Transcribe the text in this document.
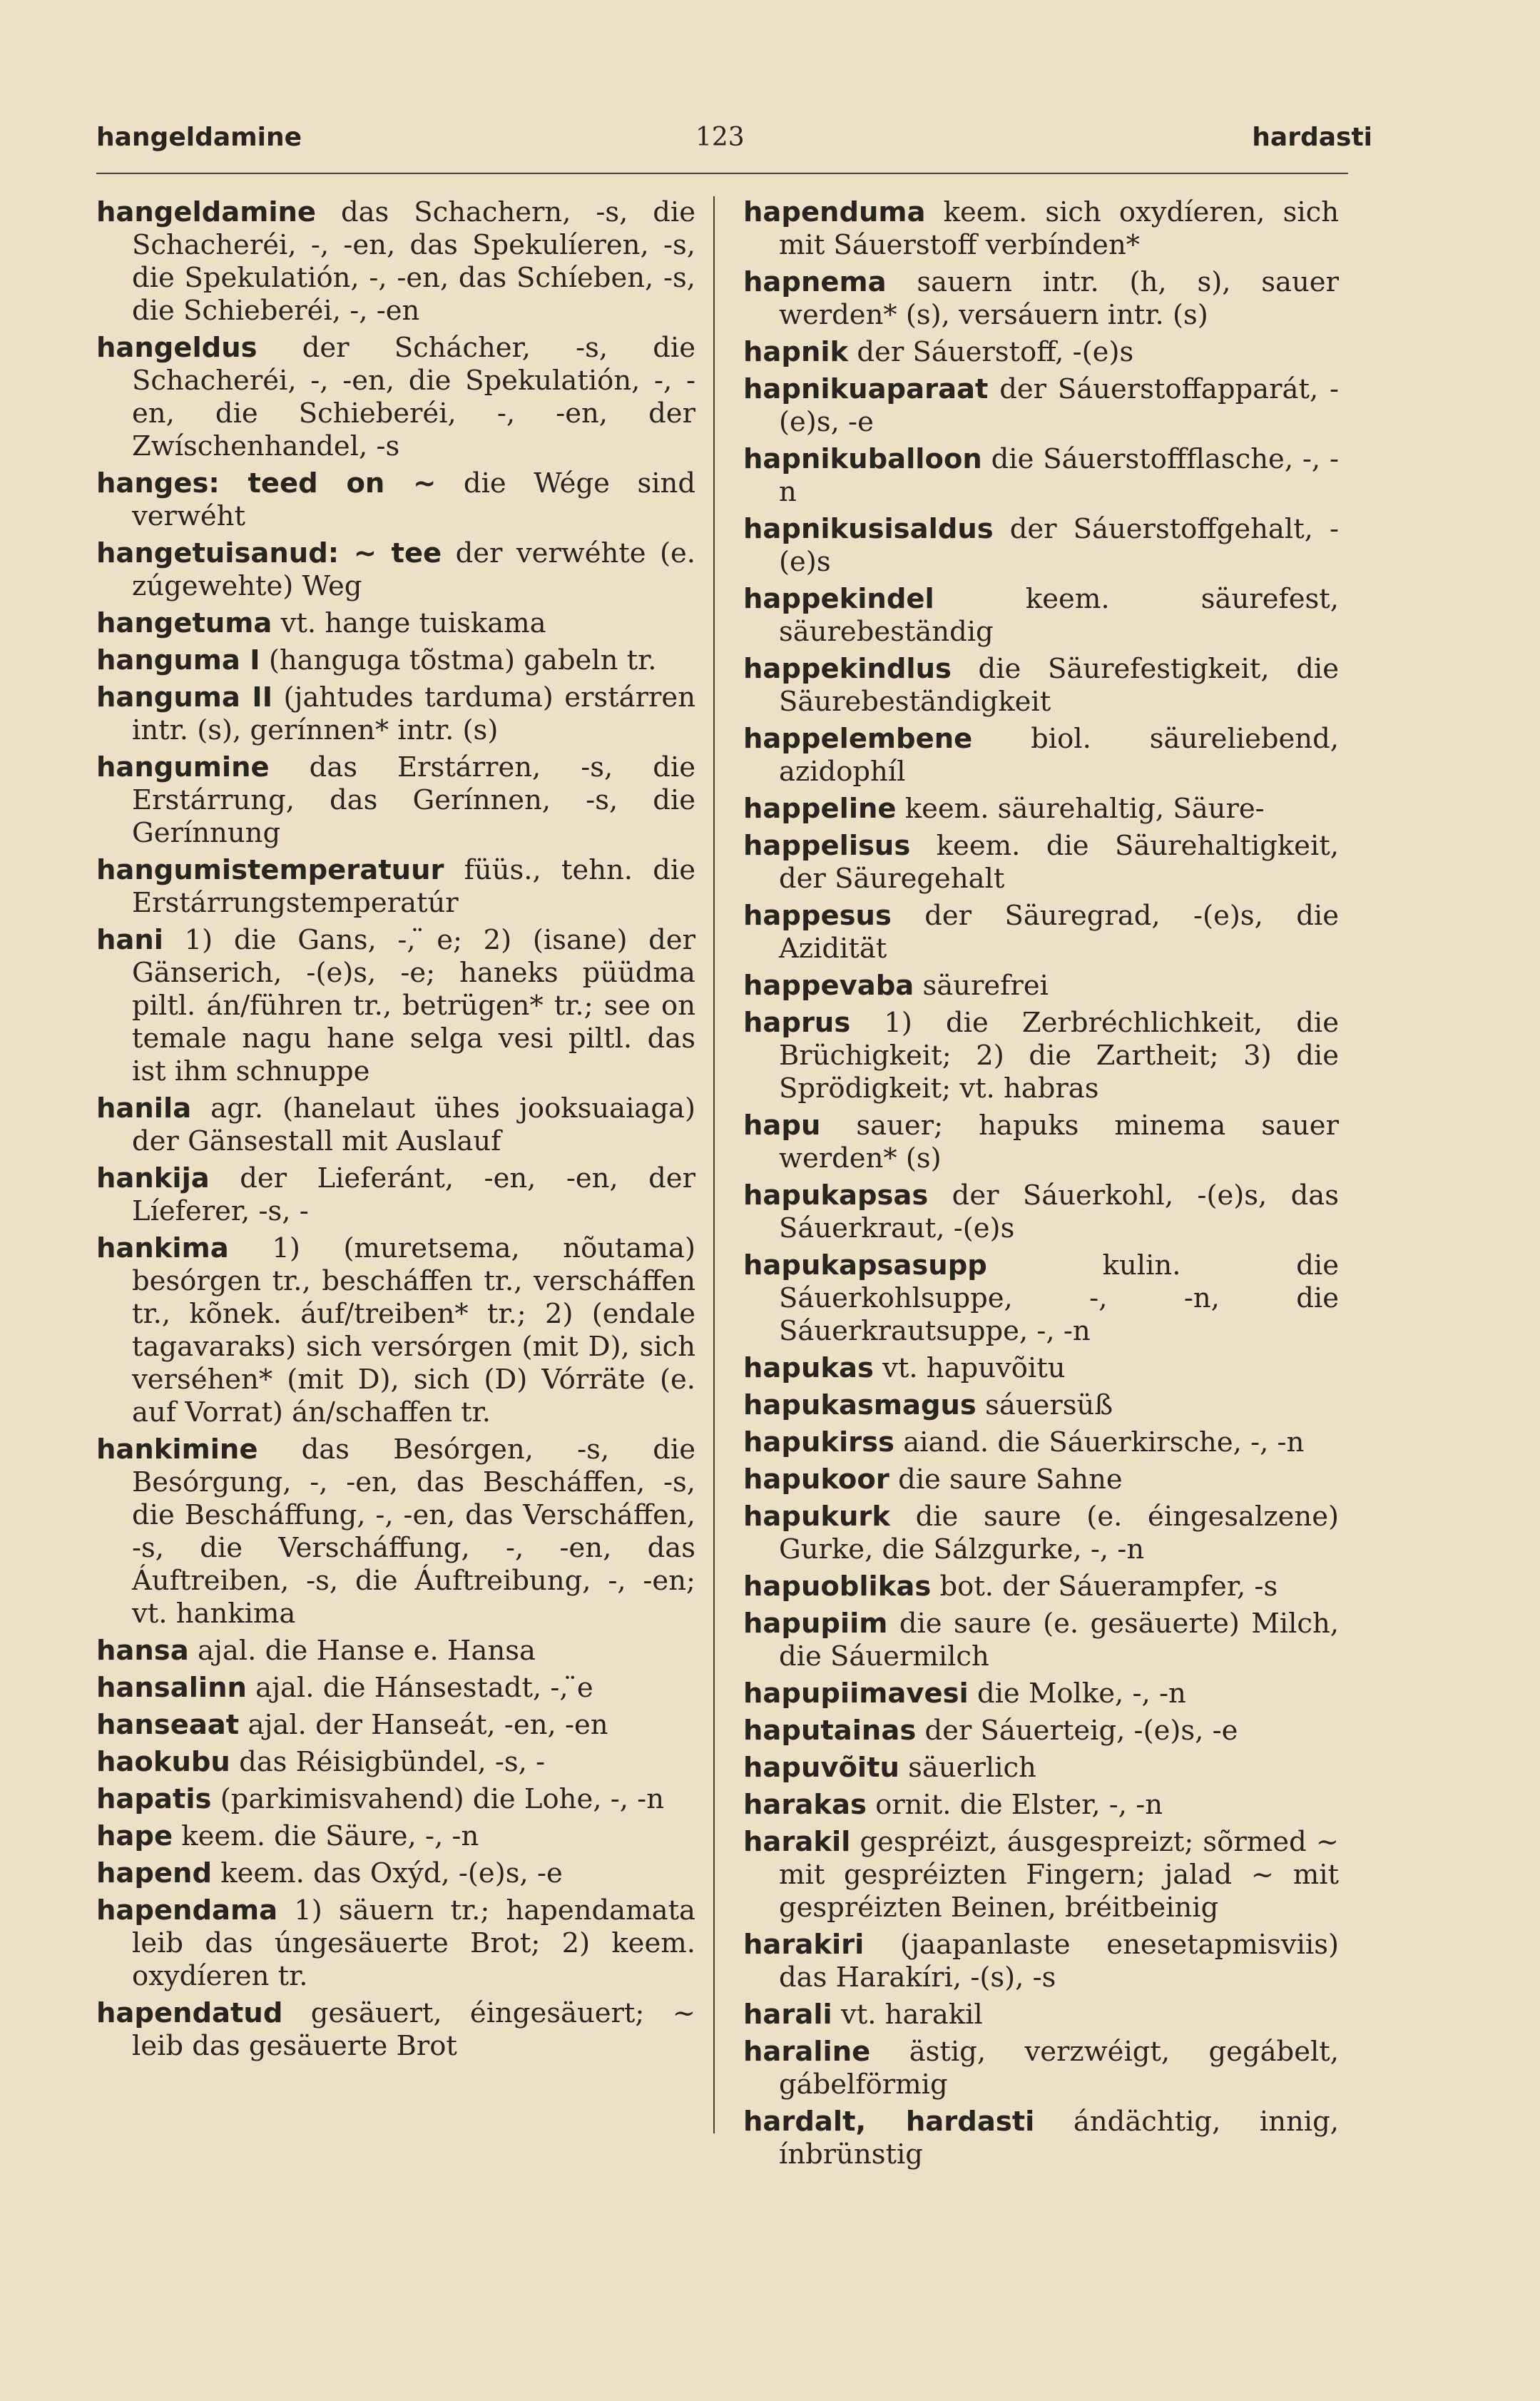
hangeldamine	123	hardasti

hangeldamine das Schachern, -s, die Schacheréi, -, -en, das Spekulíeren, -s, die Spekulatión, -, -en, das Schíeben, -s, die Schieberéi, -, -en

hangeldus der Schácher, -s, die Schacheréi, -, -en, die Spekulatión, -, -en, die Schieberéi, -, -en, der Zwíschenhandel, -s

hanges: teed on ~ die Wége sind verwéht

hangetuisanud: ~ tee der verwéhte (e. zúgewehte) Weg

hangetuma vt. hange tuiskama

hanguma I (hanguga tõstma) gabeln tr.

hanguma II (jahtudes tarduma) erstárren intr. (s), gerínnen* intr. (s)

hangumine das Erstárren, -s, die Erstárrung, das Gerínnen, -s, die Gerínnung

hangumistemperatuur füüs., tehn. die Erstárrungstemperatúr

hani 1) die Gans, -, ̈e; 2) (isane) der Gänserich, -(e)s, -e; haneks püüdma piltl. án/führen tr., betrügen* tr.; see on temale nagu hane selga vesi piltl. das ist ihm schnuppe

hanila agr. (hanelaut ühes jooksuaiaga) der Gänsestall mit Auslauf

hankija der Lieferánt, -en, -en, der Líeferer, -s, -

hankima 1) (muretsema, nõutama) besórgen tr., bescháffen tr., verscháffen tr., kõnek. áuf/treiben* tr.; 2) (endale tagavaraks) sich versórgen (mit D), sich verséhen* (mit D), sich (D) Vórräte (e. auf Vorrat) án/schaffen tr.

hankimine das Besórgen, -s, die Besórgung, -, -en, das Bescháffen, -s, die Bescháffung, -, -en, das Verscháffen, -s, die Verscháffung, -, -en, das Áuftreiben, -s, die Áuftreibung, -, -en; vt. hankima

hansa ajal. die Hanse e. Hansa

hansalinn ajal. die Hánsestadt, -, ̈e

hanseaat ajal. der Hanseát, -en, -en

haokubu das Réisigbündel, -s, -

hapatis (parkimisvahend) die Lohe, -, -n

hape keem. die Säure, -, -n

hapend keem. das Oxýd, -(e)s, -e

hapendama 1) säuern tr.; hapendamata leib das úngesäuerte Brot; 2) keem. oxydíeren tr.

hapendatud gesäuert, éingesäuert; ~ leib das gesäuerte Brot

hapenduma keem. sich oxydíeren, sich mit Sáuerstoff verbínden*

hapnema sauern intr. (h, s), sauer werden* (s), versáuern intr. (s)

hapnik der Sáuerstoff, -(e)s

hapnikuaparaat der Sáuerstoffapparát, -(e)s, -e

hapnikuballoon die Sáuerstoffflasche, -, -n

hapnikusisaldus der Sáuerstoffgehalt, -(e)s

happekindel keem. säurefest, säurebeständig

happekindlus die Säurefestigkeit, die Säurebeständigkeit

happelembene biol. säureliebend, azidophíl

happeline keem. säurehaltig, Säure-

happelisus keem. die Säurehaltigkeit, der Säuregehalt

happesus der Säuregrad, -(e)s, die Azidität

happevaba säurefrei

haprus 1) die Zerbréchlichkeit, die Brüchigkeit; 2) die Zartheit; 3) die Sprödigkeit; vt. habras

hapu sauer; hapuks minema sauer werden* (s)

hapukapsas der Sáuerkohl, -(e)s, das Sáuerkraut, -(e)s

hapukapsasupp kulin. die Sáuerkohlsuppe, -, -n, die Sáuerkrautsuppe, -, -n

hapukas vt. hapuvõitu

hapukasmagus sáuersüß

hapukirss aiand. die Sáuerkirsche, -, -n

hapukoor die saure Sahne

hapukurk die saure (e. éingesalzene) Gurke, die Sálzgurke, -, -n

hapuoblikas bot. der Sáuerampfer, -s

hapupiim die saure (e. gesäuerte) Milch, die Sáuermilch

hapupiimavesi die Molke, -, -n

haputainas der Sáuerteig, -(e)s, -e

hapuvõitu säuerlich

harakas ornit. die Elster, -, -n

harakil gespréizt, áusgespreizt; sõrmed ~ mit gespréizten Fingern; jalad ~ mit gespréizten Beinen, bréitbeinig

harakiri (jaapanlaste enesetapmisviis) das Harakíri, -(s), -s

harali vt. harakil

haraline ästig, verzwéigt, gegábelt, gábelförmig

hardalt, hardasti ándächtig, innig, ínbrünstig
